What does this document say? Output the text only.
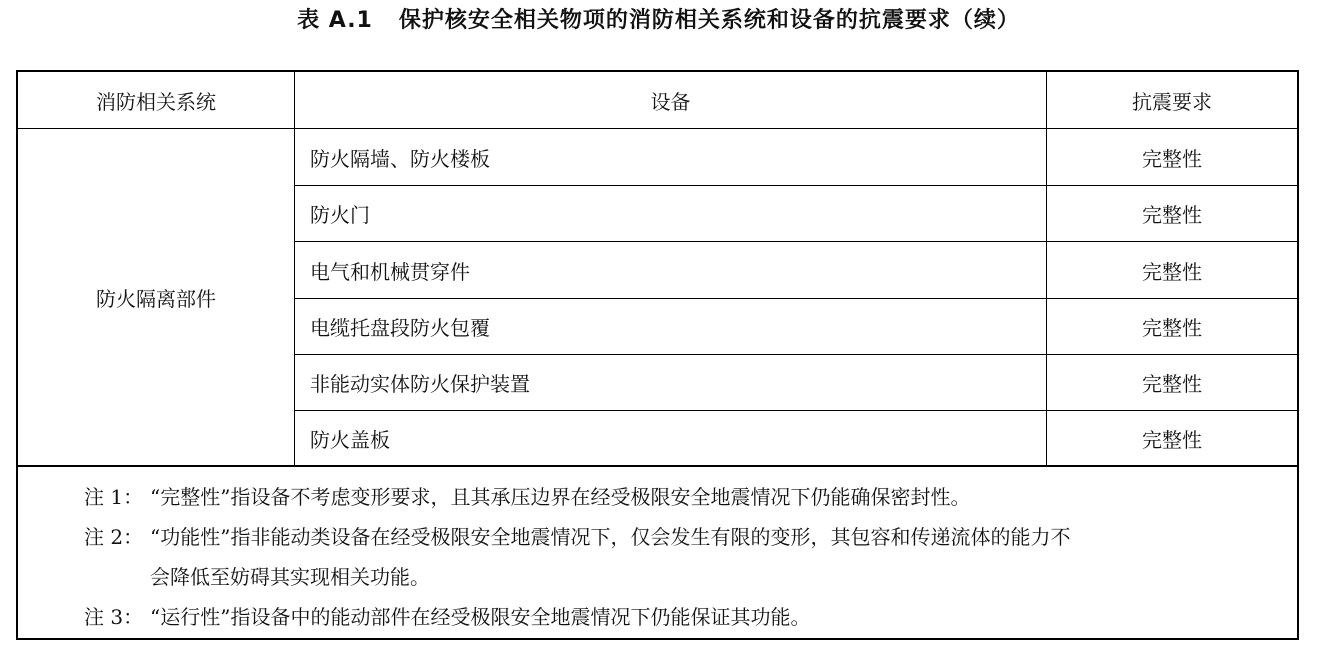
表 A.1 保护核安全相关物项的消防相关系统和设备的抗震要求（续）
消防相关系统	设备	抗震要求
防火隔离部件
防火隔墙、防火楼板	完整性
防火门	完整性
电气和机械贯穿件	完整性
电缆托盘段防火包覆	完整性
非能动实体防火保护装置	完整性
防火盖板	完整性
注 1： “完整性”指设备不考虑变形要求，且其承压边界在经受极限安全地震情况下仍能确保密封性。
注 2： “功能性”指非能动类设备在经受极限安全地震情况下，仅会发生有限的变形，其包容和传递流体的能力不
会降低至妨碍其实现相关功能。
注 3： “运行性”指设备中的能动部件在经受极限安全地震情况下仍能保证其功能。
